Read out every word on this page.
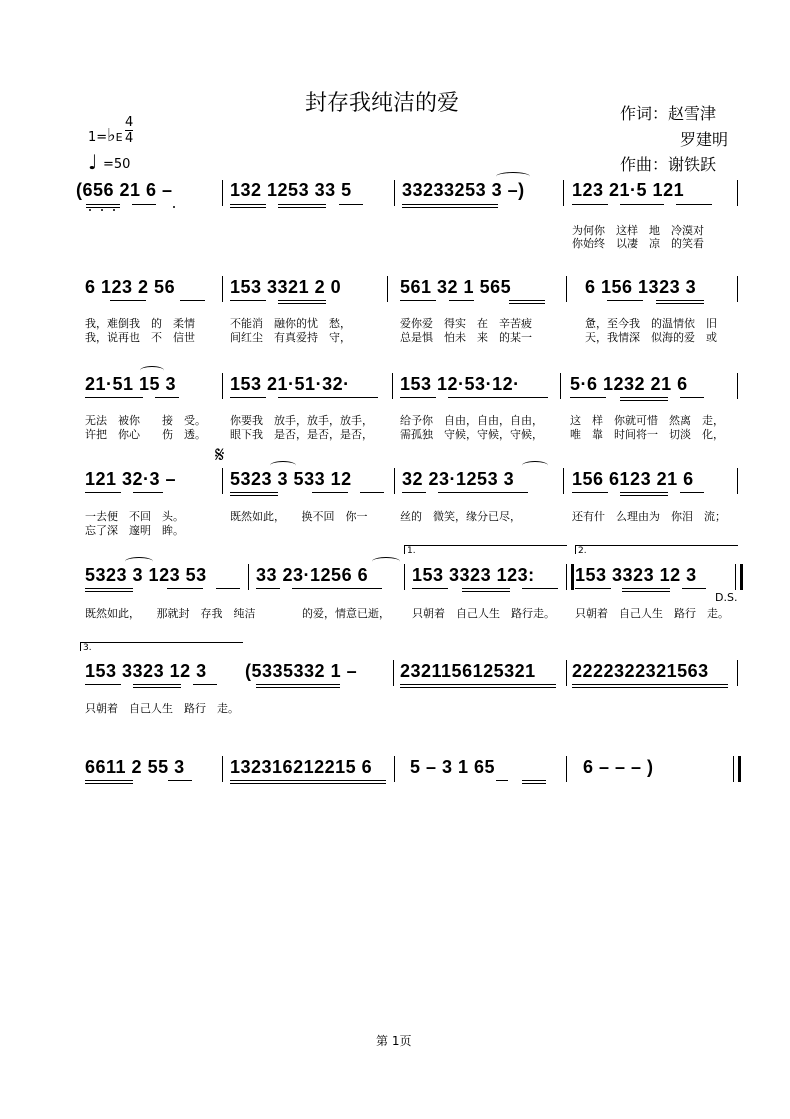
封存我纯洁的爱	作词：赵雪津
罗建明
作曲：谢铁跃
1=♭E
4
4
♩ =50
(656 21 6 –	132 1253 33 5	33233253 3 –)	123 21·5 121
为何你　这样　地　冷漠对
你始终　以凄　凉　的笑看
6 123 2 56	153 3321 2 0	561 32 1 565	6 156 1323 3
我，难倒我　的　柔情	不能消　融你的忧　愁，	爱你爱　得实　在　辛苦疲	惫，至今我　的温情依　旧
我，说再也　不　信世	间红尘　有真爱持　守，	总是惧　怕未　来　的某一	天，我情深　似海的爱　或
21·51 15 3	153 21·51·32·	153 12·53·12·	5·6 1232 21 6
无法　被你　　接　受。 你要我　放手，放手，放手， 给予你　自由，自由，自由， 这　样　你就可惜　然离　走，
许把　你心　　伤　透。 眼下我　是否，是否，是否， 需孤独　守候，守候，守候， 唯　靠　时间将一　切淡　化，
𝄋
121 32·3 –	5323 3 533 12	32 23·1253 3	156 6123 21 6
一去便　不回　头。	既然如此，　　换不回　你一	丝的　微笑，缘分已尽，	还有什　么理由为　你泪　流；
忘了深　邃明　眸。
1.	2.
5323 3 123 53	33 23·1256 6 153 3323 123: 153 3323 12 3
D.S.
既然如此，　　那就封　存我　纯洁	的爱，情意已逝， 只朝着　自己人生　路行走。 只朝着　自己人生　路行　走。
3.
153 3323 12 3 (5335332 1 – 2321156125321 2222322321563
只朝着　自己人生　路行　走。
6611 2 55 3	132316212215 6 5 – 3 1 65	6 – – – )
第 1页
